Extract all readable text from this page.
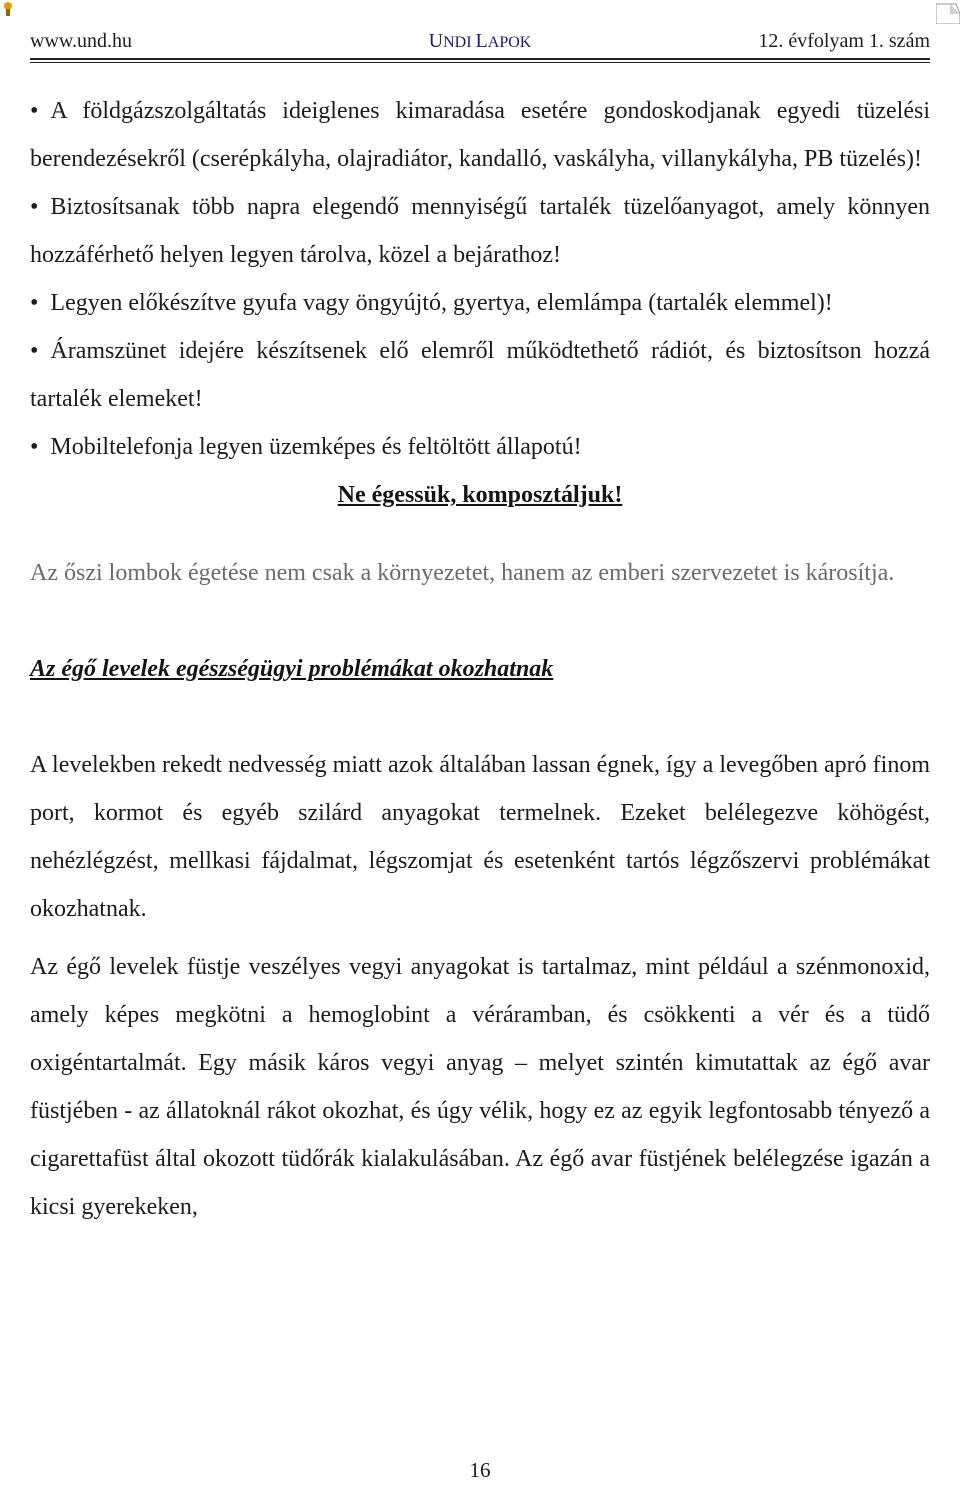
www.und.hu	UNDI LAPOK	12. évfolyam 1. szám

• A földgázszolgáltatás ideiglenes kimaradása esetére gondoskodjanak egyedi tüzelési berendezésekről (cserépkályha, olajradiátor, kandalló, vaskályha, villanykályha, PB tüzelés)!

• Biztosítsanak több napra elegendő mennyiségű tartalék tüzelőanyagot, amely könnyen hozzáférhető helyen legyen tárolva, közel a bejárathoz!

• Legyen előkészítve gyufa vagy öngyújtó, gyertya, elemlámpa (tartalék elemmel)!

• Áramszünet idejére készítsenek elő elemről működtethető rádiót, és biztosítson hozzá tartalék elemeket!

• Mobiltelefonja legyen üzemképes és feltöltött állapotú!

Ne égessük, komposztáljuk!

Az őszi lombok égetése nem csak a környezetet, hanem az emberi szervezetet is károsítja.

Az égő levelek egészségügyi problémákat okozhatnak

A levelekben rekedt nedvesség miatt azok általában lassan égnek, így a levegőben apró finom port, kormot és egyéb szilárd anyagokat termelnek. Ezeket belélegezve köhögést, nehézlégzést, mellkasi fájdalmat, légszomjat és esetenként tartós légzőszervi problémákat okozhatnak.

Az égő levelek füstje veszélyes vegyi anyagokat is tartalmaz, mint például a szénmonoxid, amely képes megkötni a hemoglobint a véráramban, és csökkenti a vér és a tüdő oxigéntartalmát. Egy másik káros vegyi anyag – melyet szintén kimutattak az égő avar füstjében - az állatoknál rákot okozhat, és úgy vélik, hogy ez az egyik legfontosabb tényező a cigarettafüst által okozott tüdőrák kialakulásában. Az égő avar füstjének belélegzése igazán a kicsi gyerekeken,

16
